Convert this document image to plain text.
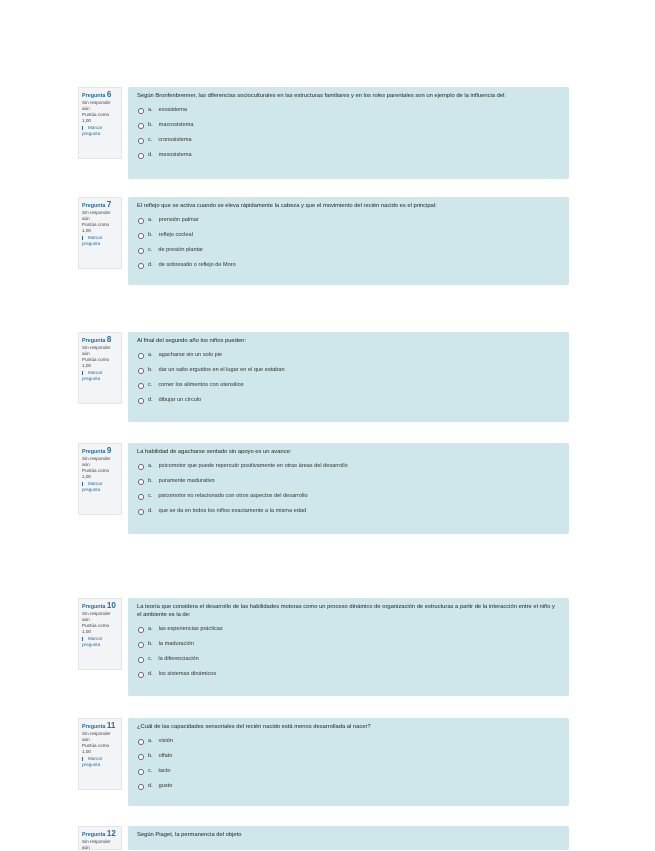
Pregunta 6
Sin responder aún
Puntúa como 1,00
Marcar pregunta
Según Bronfenbrenner, las diferencias socioculturales en las estructuras familiares y en los roles parentales son un ejemplo de la influencia del:
a. exosistema
b. macrosistema
c. cronosistema
d. mesosistema
Pregunta 7
Sin responder aún
Puntúa como 1,00
Marcar pregunta
El reflejo que se activa cuando se eleva rápidamente la cabeza y que el movimiento del recién nacido es el principal:
a. prensión palmar
b. reflejo cocleal
c. de presión plantar
d. de sobresalto o reflejo de Moro
Pregunta 8
Sin responder aún
Puntúa como 1,00
Marcar pregunta
Al final del segundo año los niños pueden:
a. agacharse sin un solo pie
b. dar un salto erguidos en el lugar en el que estaban
c. comer los alimentos con utensilios
d. dibujar un círculo
Pregunta 9
Sin responder aún
Puntúa como 1,00
Marcar pregunta
La habilidad de agacharse sentado sin apoyo es un avance:
a. psicomotor que puede repercutir positivamente en otras áreas del desarrollo
b. puramente madurativo
c. psicomotor no relacionado con otros aspectos del desarrollo
d. que se da en todos los niños exactamente a la misma edad
Pregunta 10
Sin responder aún
Puntúa como 1,00
Marcar pregunta
La teoría que considera el desarrollo de las habilidades motoras como un proceso dinámico de organización de estructuras a partir de la interacción entre el niño y el ambiente es la de:
a. las experiencias prácticas
b. la maduración
c. la diferenciación
d. los sistemas dinámicos
Pregunta 11
Sin responder aún
Puntúa como 1,00
Marcar pregunta
¿Cuál de las capacidades sensoriales del recién nacido está menos desarrollada al nacer?
a. visión
b. olfato
c. tacto
d. gusto
Pregunta 12
Sin responder aún
Según Piaget, la permanencia del objeto
